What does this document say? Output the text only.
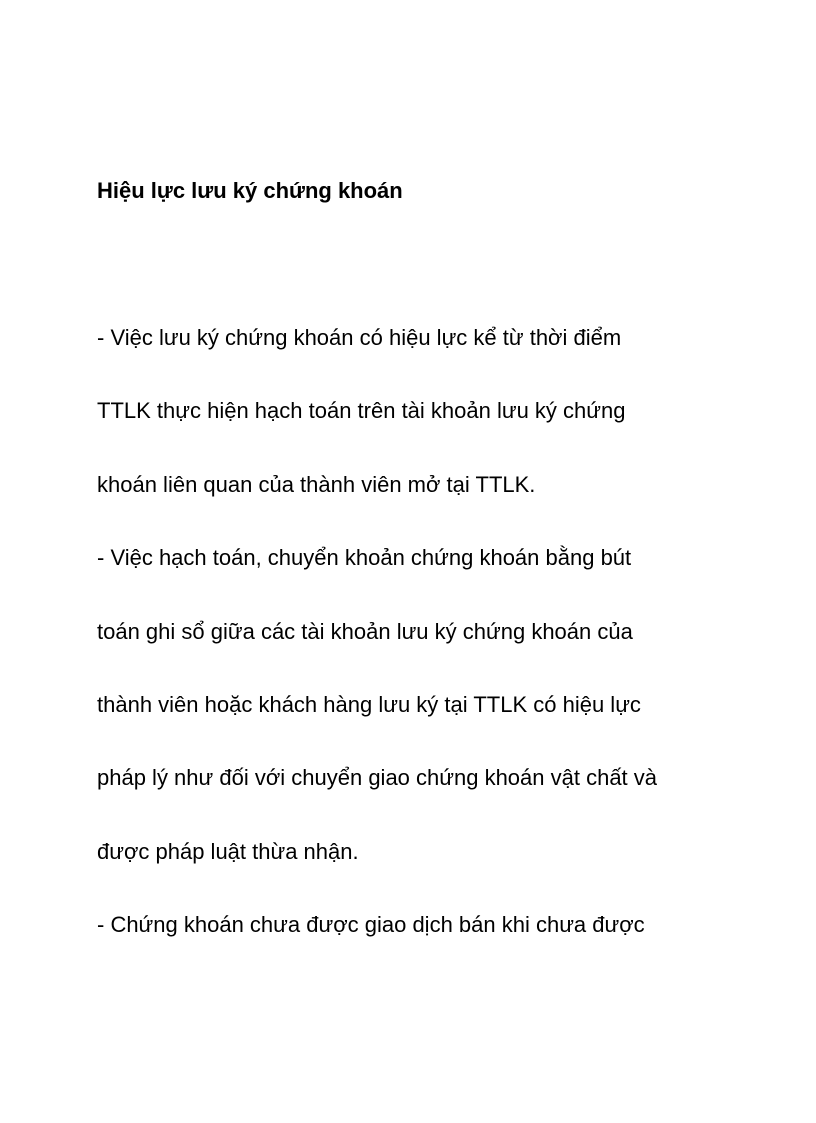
Hiệu lực lưu ký chứng khoán
- Việc lưu ký chứng khoán có hiệu lực kể từ thời điểm
TTLK thực hiện hạch toán trên tài khoản lưu ký chứng
khoán liên quan của thành viên mở tại TTLK.
- Việc hạch toán, chuyển khoản chứng khoán bằng bút
toán ghi sổ giữa các tài khoản lưu ký chứng khoán của
thành viên hoặc khách hàng lưu ký tại TTLK có hiệu lực
pháp lý như đối với chuyển giao chứng khoán vật chất và
được pháp luật thừa nhận.
- Chứng khoán chưa được giao dịch bán khi chưa được
